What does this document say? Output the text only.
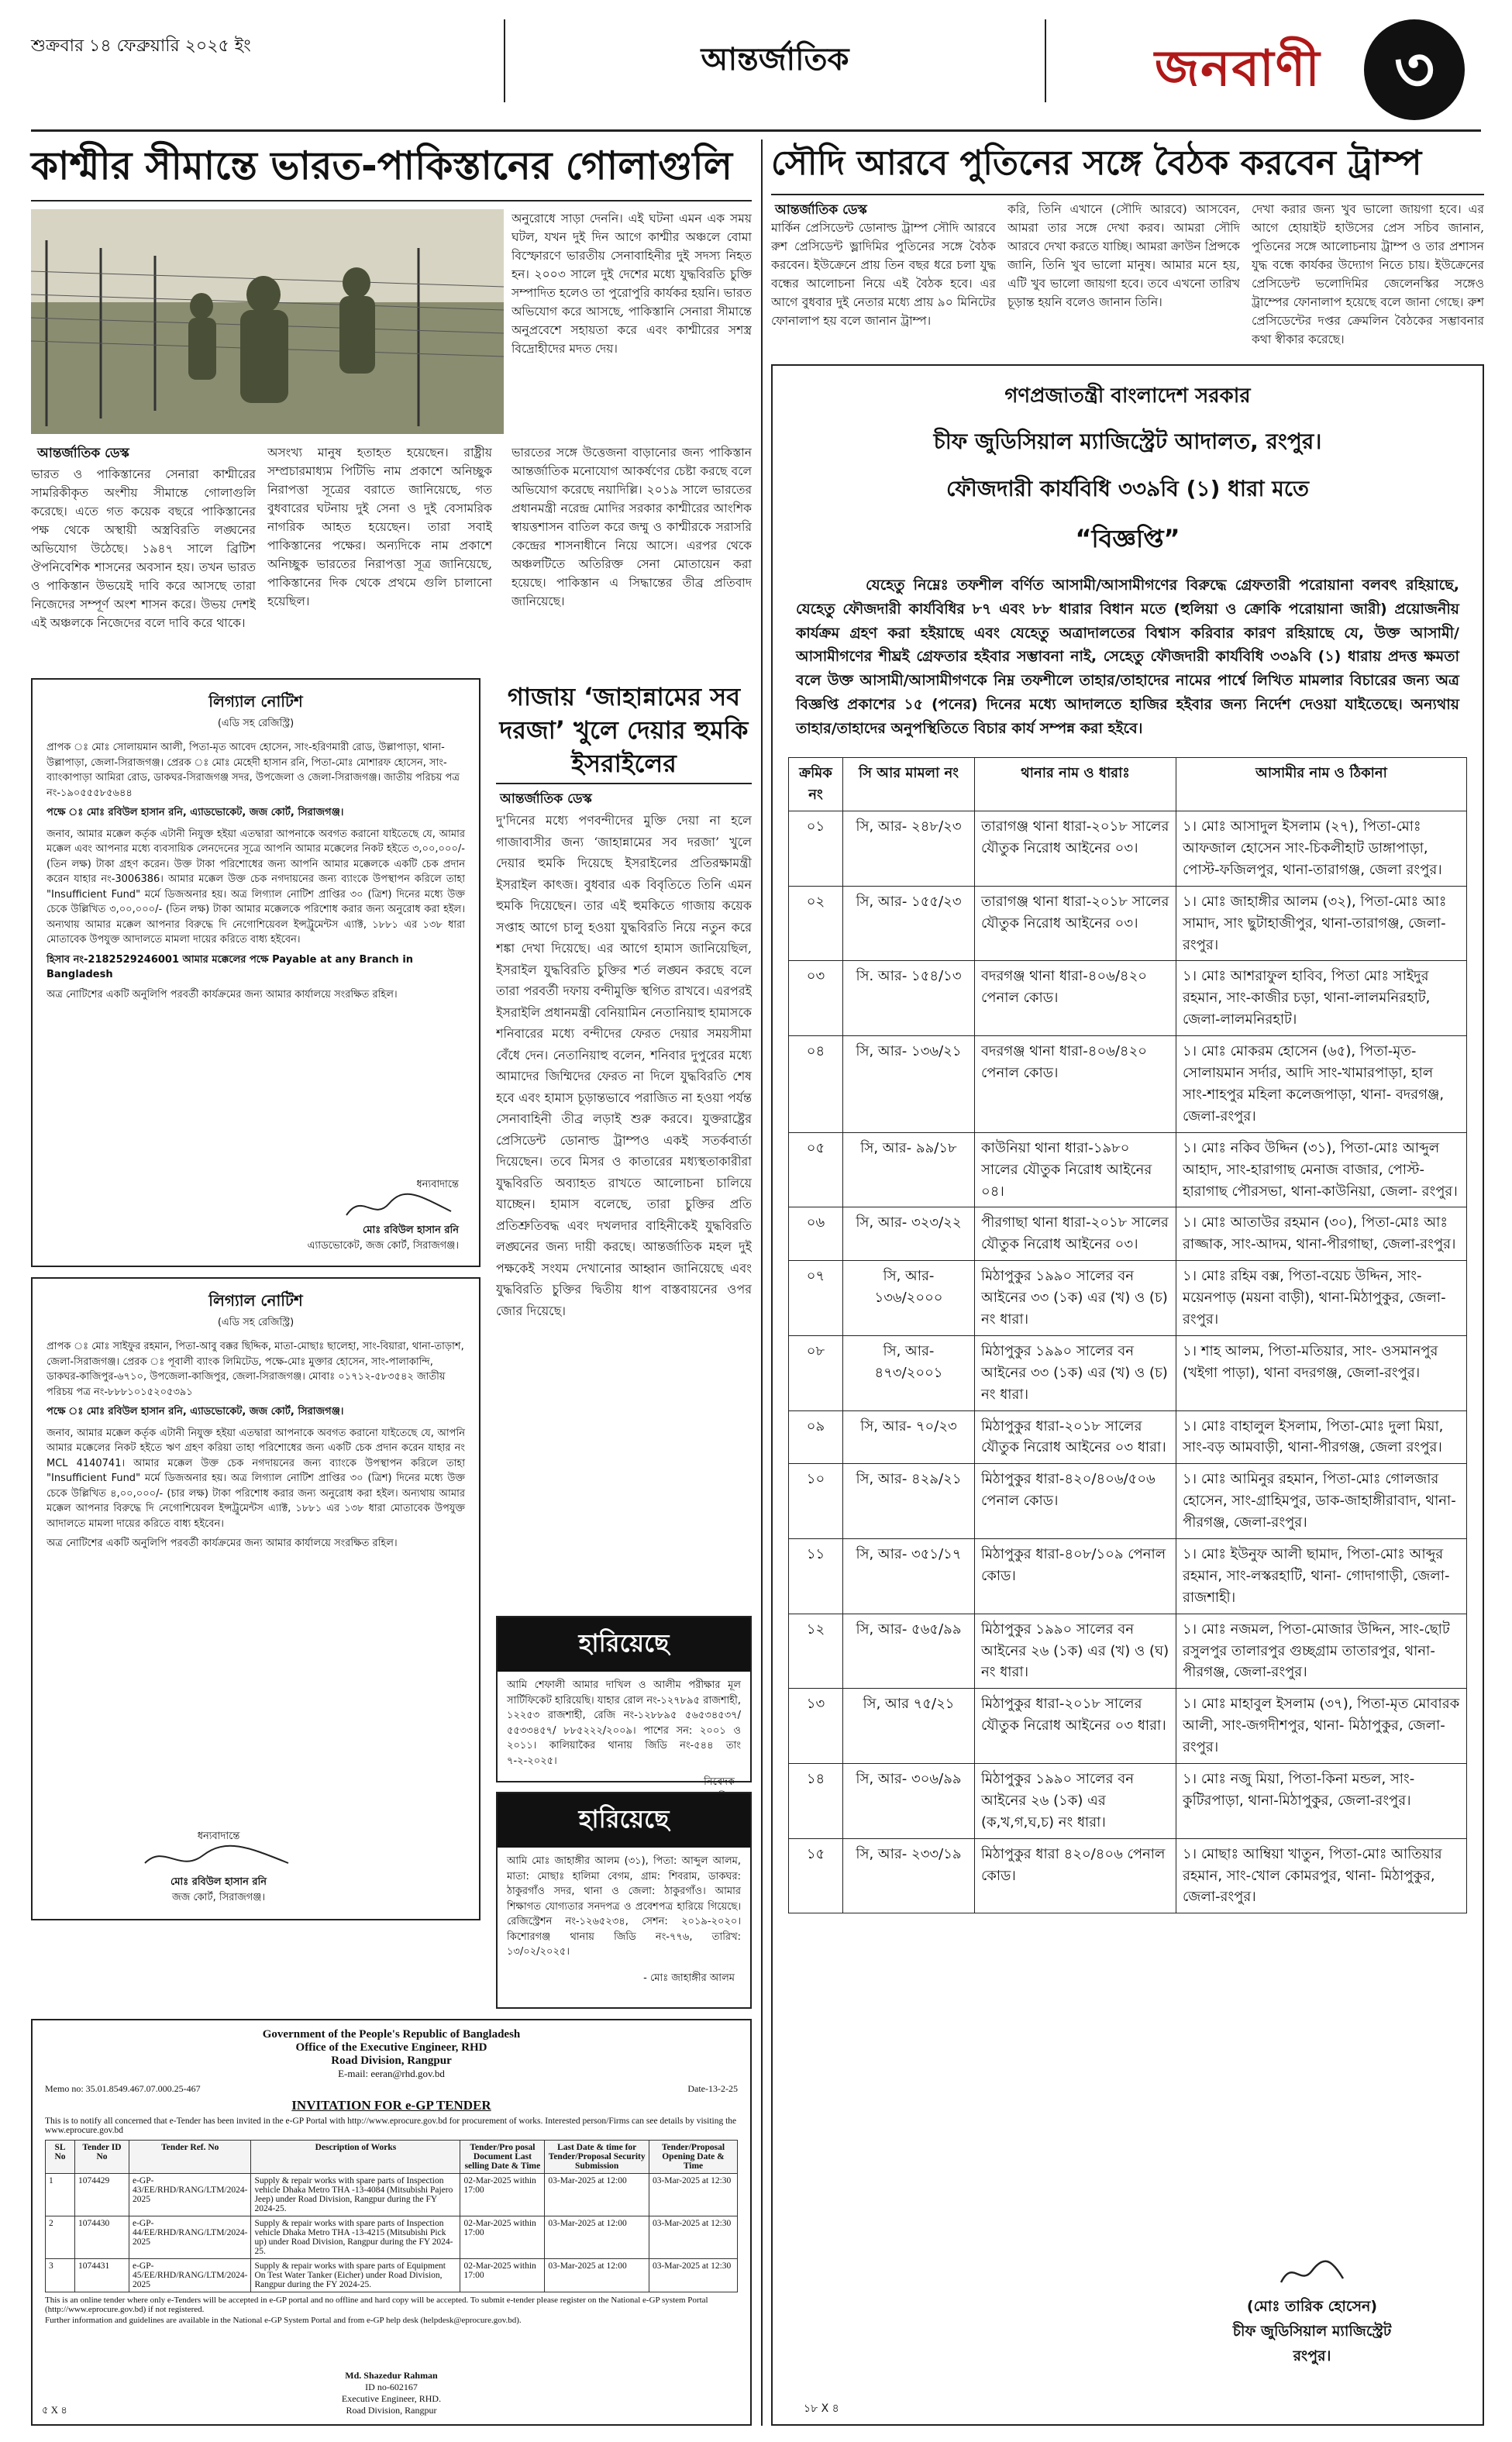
শুক্রবার ১৪ ফেব্রুয়ারি ২০২৫ ইং	আন্তর্জাতিক	জনবাণী	৩
কাশ্মীর সীমান্তে ভারত-পাকিস্তানের গোলাগুলি
আন্তর্জাতিক ডেস্ক
ভারত ও পাকিস্তানের সেনারা কাশ্মীরের সামরিকীকৃত অংশীয় সীমান্তে গোলাগুলি করেছে। এতে গত কয়েক বছরে পাকিস্তানের পক্ষ থেকে অস্থায়ী অস্ত্রবিরতি লঙ্ঘনের অভিযোগ উঠেছে। ১৯৪৭ সালে ব্রিটিশ ঔপনিবেশিক শাসনের অবসান হয়। তখন ভারত ও পাকিস্তান উভয়েই দাবি করে আসছে তারা নিজেদের সম্পূর্ণ অংশ শাসন করে। উভয় দেশই এই অঞ্চলকে নিজেদের বলে দাবি করে থাকে।
অনুরোধে সাড়া দেননি। এই ঘটনা এমন এক সময় ঘটল, যখন দুই দিন আগে কাশ্মীর অঞ্চলে বোমা বিস্ফোরণে ভারতীয় সেনাবাহিনীর দুই সদস্য নিহত হন। ২০০৩ সালে দুই দেশের মধ্যে যুদ্ধবিরতি চুক্তি সম্পাদিত হলেও তা পুরোপুরি কার্যকর হয়নি। ভারত অভিযোগ করে আসছে, পাকিস্তানি সেনারা সীমান্তে অনুপ্রবেশে সহায়তা করে এবং কাশ্মীরের সশস্ত্র বিদ্রোহীদের মদত দেয়।
অসংখ্য মানুষ হতাহত হয়েছেন। রাষ্ট্রীয় সম্প্রচারমাধ্যম পিটিভি নাম প্রকাশে অনিচ্ছুক নিরাপত্তা সূত্রের বরাতে জানিয়েছে, গত বুধবারের ঘটনায় দুই সেনা ও দুই বেসামরিক নাগরিক আহত হয়েছেন। তারা সবাই পাকিস্তানের পক্ষের। অন্যদিকে নাম প্রকাশে অনিচ্ছুক ভারতের নিরাপত্তা সূত্র জানিয়েছে, পাকিস্তানের দিক থেকে প্রথমে গুলি চালানো হয়েছিল।
ভারতের সঙ্গে উত্তেজনা বাড়ানোর জন্য পাকিস্তান আন্তর্জাতিক মনোযোগ আকর্ষণের চেষ্টা করছে বলে অভিযোগ করেছে নয়াদিল্লি। ২০১৯ সালে ভারতের প্রধানমন্ত্রী নরেন্দ্র মোদির সরকার কাশ্মীরের আংশিক স্বায়ত্তশাসন বাতিল করে জম্মু ও কাশ্মীরকে সরাসরি কেন্দ্রের শাসনাধীনে নিয়ে আসে। এরপর থেকে অঞ্চলটিতে অতিরিক্ত সেনা মোতায়েন করা হয়েছে। পাকিস্তান এ সিদ্ধান্তের তীব্র প্রতিবাদ জানিয়েছে।
সৌদি আরবে পুতিনের সঙ্গে বৈঠক করবেন ট্রাম্প
আন্তর্জাতিক ডেস্ক
মার্কিন প্রেসিডেন্ট ডোনাল্ড ট্রাম্প সৌদি আরবে রুশ প্রেসিডেন্ট ভ্লাদিমির পুতিনের সঙ্গে বৈঠক করবেন। ইউক্রেনে প্রায় তিন বছর ধরে চলা যুদ্ধ বন্ধের আলোচনা নিয়ে এই বৈঠক হবে। এর আগে বুধবার দুই নেতার মধ্যে প্রায় ৯০ মিনিটের ফোনালাপ হয় বলে জানান ট্রাম্প।
করি, তিনি এখানে (সৌদি আরবে) আসবেন, আমরা তার সঙ্গে দেখা করব। আমরা সৌদি আরবে দেখা করতে যাচ্ছি। আমরা ক্রাউন প্রিন্সকে জানি, তিনি খুব ভালো মানুষ। আমার মনে হয়, এটি খুব ভালো জায়গা হবে। তবে এখনো তারিখ চূড়ান্ত হয়নি বলেও জানান তিনি।
দেখা করার জন্য খুব ভালো জায়গা হবে। এর আগে হোয়াইট হাউসের প্রেস সচিব জানান, পুতিনের সঙ্গে আলোচনায় ট্রাম্প ও তার প্রশাসন যুদ্ধ বন্ধে কার্যকর উদ্যোগ নিতে চায়। ইউক্রেনের প্রেসিডেন্ট ভলোদিমির জেলেনস্কির সঙ্গেও ট্রাম্পের ফোনালাপ হয়েছে বলে জানা গেছে। রুশ প্রেসিডেন্টের দপ্তর ক্রেমলিন বৈঠকের সম্ভাবনার কথা স্বীকার করেছে।
গণপ্রজাতন্ত্রী বাংলাদেশ সরকার
চীফ জুডিসিয়াল ম্যাজিস্ট্রেট আদালত, রংপুর।
ফৌজদারী কার্যবিধি ৩৩৯বি (১) ধারা মতে
“বিজ্ঞপ্তি”
যেহেতু নিম্নেঃ তফশীল বর্ণিত আসামী/আসামীগণের বিরুদ্ধে গ্রেফতারী পরোয়ানা বলবৎ রহিয়াছে, যেহেতু ফৌজদারী কার্যবিধির ৮৭ এবং ৮৮ ধারার বিধান মতে (হুলিয়া ও ক্রোকি পরোয়ানা জারী) প্রয়োজনীয় কার্যক্রম গ্রহণ করা হইয়াছে এবং যেহেতু অত্রাদালতের বিশ্বাস করিবার কারণ রহিয়াছে যে, উক্ত আসামী/আসামীগণের শীঘ্রই গ্রেফতার হইবার সম্ভাবনা নাই, সেহেতু ফৌজদারী কার্যবিধি ৩৩৯বি (১) ধারায় প্রদত্ত ক্ষমতা বলে উক্ত আসামী/আসামীগণকে নিম্ন তফশীলে তাহার/তাহাদের নামের পার্শ্বে লিখিত মামলার বিচারের জন্য অত্র বিজ্ঞপ্তি প্রকাশের ১৫ (পনের) দিনের মধ্যে আদালতে হাজির হইবার জন্য নির্দেশ দেওয়া যাইতেছে। অন্যথায় তাহার/তাহাদের অনুপস্থিতিতে বিচার কার্য সম্পন্ন করা হইবে।
ক্রমিক নং	সি আর মামলা নং	থানার নাম ও ধারাঃ	আসামীর নাম ও ঠিকানা
০১	সি, আর- ২৪৮/২৩	তারাগঞ্জ থানা ধারা-২০১৮ সালের যৌতুক নিরোধ আইনের ০৩।	১। মোঃ আসাদুল ইসলাম (২৭), পিতা-মোঃ আফজাল হোসেন সাং-চিকলীহাট ডাঙ্গাপাড়া, পোস্ট-ফজিলপুর, থানা-তারাগঞ্জ, জেলা রংপুর।
০২	সি, আর- ১৫৫/২৩	তারাগঞ্জ থানা ধারা-২০১৮ সালের যৌতুক নিরোধ আইনের ০৩।	১। মোঃ জাহাঙ্গীর আলম (৩২), পিতা-মোঃ আঃ সামাদ, সাং ছুটাহাজীপুর, থানা-তারাগঞ্জ, জেলা-রংপুর।
০৩	সি. আর- ১৫৪/১৩	বদরগঞ্জ থানা ধারা-৪০৬/৪২০ পেনাল কোড।	১। মোঃ আশরাফুল হাবিব, পিতা মোঃ সাইদুর রহমান, সাং-কাজীর চড়া, থানা-লালমনিরহাট, জেলা-লালমনিরহাট।
০৪	সি, আর- ১৩৬/২১	বদরগঞ্জ থানা ধারা-৪০৬/৪২০ পেনাল কোড।	১। মোঃ মোকরম হোসেন (৬৫), পিতা-মৃত- সোলায়মান সর্দার, আদি সাং-খামারপাড়া, হাল সাং-শাহপুর মহিলা কলেজপাড়া, থানা- বদরগঞ্জ, জেলা-রংপুর।
০৫	সি, আর- ৯৯/১৮	কাউনিয়া থানা ধারা-১৯৮০ সালের যৌতুক নিরোধ আইনের ০৪।	১। মোঃ নকিব উদ্দিন (৩১), পিতা-মোঃ আব্দুল আহাদ, সাং-হারাগাছ মেনাজ বাজার, পোস্ট- হারাগাছ পৌরসভা, থানা-কাউনিয়া, জেলা- রংপুর।
০৬	সি, আর- ৩২৩/২২	পীরগাছা থানা ধারা-২০১৮ সালের যৌতুক নিরোধ আইনের ০৩।	১। মোঃ আতাউর রহমান (৩০), পিতা-মোঃ আঃ রাজ্জাক, সাং-আদম, থানা-পীরগাছা, জেলা-রংপুর।
০৭	সি, আর- ১৩৬/২০০০	মিঠাপুকুর ১৯৯০ সালের বন আইনের ৩৩ (১ক) এর (খ) ও (চ) নং ধারা।	১। মোঃ রহিম বক্স, পিতা-বয়েচ উদ্দিন, সাং- ময়েনপাড় (ময়না বাড়ী), থানা-মিঠাপুকুর, জেলা-রংপুর।
০৮	সি, আর- ৪৭৩/২০০১	মিঠাপুকুর ১৯৯০ সালের বন আইনের ৩৩ (১ক) এর (খ) ও (চ) নং ধারা।	১। শাহ আলম, পিতা-মতিয়ার, সাং- ওসমানপুর (খইগা পাড়া), থানা বদরগঞ্জ, জেলা-রংপুর।
০৯	সি, আর- ৭০/২৩	মিঠাপুকুর ধারা-২০১৮ সালের যৌতুক নিরোধ আইনের ০৩ ধারা।	১। মোঃ বাহালুল ইসলাম, পিতা-মোঃ দুলা মিয়া, সাং-বড় আমবাড়ী, থানা-পীরগঞ্জ, জেলা রংপুর।
১০	সি, আর- ৪২৯/২১	মিঠাপুকুর ধারা-৪২০/৪০৬/৫০৬ পেনাল কোড।	১। মোঃ আমিনুর রহমান, পিতা-মোঃ গোলজার হোসেন, সাং-গ্রাহিমপুর, ডাক-জাহাঙ্গীরাবাদ, থানা-পীরগঞ্জ, জেলা-রংপুর।
১১	সি, আর- ৩৫১/১৭	মিঠাপুকুর ধারা-৪০৮/১০৯ পেনাল কোড।	১। মোঃ ইউনুফ আলী ছামাদ, পিতা-মোঃ আব্দুর রহমান, সাং-লস্করহাটি, থানা- গোদাগাড়ী, জেলা-রাজশাহী।
১২	সি, আর- ৫৬৫/৯৯	মিঠাপুকুর ১৯৯০ সালের বন আইনের ২৬ (১ক) এর (খ) ও (ঘ) নং ধারা।	১। মোঃ নজমল, পিতা-মোজার উদ্দিন, সাং-ছোট রসুলপুর তালারপুর গুচ্ছগ্রাম তাতারপুর, থানা-পীরগঞ্জ, জেলা-রংপুর।
১৩	সি, আর ৭৫/২১	মিঠাপুকুর ধারা-২০১৮ সালের যৌতুক নিরোধ আইনের ০৩ ধারা।	১। মোঃ মাহাবুল ইসলাম (৩৭), পিতা-মৃত মোবারক আলী, সাং-জগদীশপুর, থানা- মিঠাপুকুর, জেলা-রংপুর।
১৪	সি, আর- ৩০৬/৯৯	মিঠাপুকুর ১৯৯০ সালের বন আইনের ২৬ (১ক) এর (ক,খ,গ,ঘ,চ) নং ধারা।	১। মোঃ নজু মিয়া, পিতা-কিনা মন্ডল, সাং- কুটিরপাড়া, থানা-মিঠাপুকুর, জেলা-রংপুর।
১৫	সি, আর- ২৩৩/১৯	মিঠাপুকুর ধারা ৪২০/৪০৬ পেনাল কোড।	১। মোছাঃ আম্বিয়া খাতুন, পিতা-মোঃ আতিয়ার রহমান, সাং-খোল কোমরপুর, থানা- মিঠাপুকুর, জেলা-রংপুর।
(মোঃ তারিক হোসেন)
চীফ জুডিসিয়াল ম্যাজিস্ট্রেট
রংপুর।
১৮ X ৪
লিগ্যাল নোটিশ
(এডি সহ রেজিস্ট্রি)
প্রাপক ঃ মোঃ সোলায়মান আলী, পিতা-মৃত আবেদ হোসেন, সাং-হরিণমারী রোড, উল্লাপাড়া, থানা-উল্লাপাড়া, জেলা-সিরাজগঞ্জ। প্রেরক ঃ মোঃ মেহেদী হাসান রনি, পিতা-মোঃ মোশারফ হোসেন, সাং-ব্যাংকাপাড়া আমিরা রোড, ডাকঘর-সিরাজগঞ্জ সদর, উপজেলা ও জেলা-সিরাজগঞ্জ। জাতীয় পরিচয় পত্র নং-১৯০৫৫৫৮৫৬৪৪
পক্ষে ঃ মোঃ রবিউল হাসান রনি, এ্যাডভোকেট, জজ কোর্ট, সিরাজগঞ্জ।
জনাব, আমার মক্কেল কর্তৃক এটানী নিযুক্ত হইয়া এতদ্বারা আপনাকে অবগত করানো যাইতেছে যে, আমার মক্কেল এবং আপনার মধ্যে ব্যবসায়িক লেনদেনের সূত্রে আপনি আমার মক্কেলের নিকট হইতে ৩,০০,০০০/- (তিন লক্ষ) টাকা গ্রহণ করেন। উক্ত টাকা পরিশোধের জন্য আপনি আমার মক্কেলকে একটি চেক প্রদান করেন যাহার নং-3006386। আমার মক্কেল উক্ত চেক নগদায়নের জন্য ব্যাংকে উপস্থাপন করিলে তাহা "Insufficient Fund" মর্মে ডিজঅনার হয়। অত্র লিগ্যাল নোটিশ প্রাপ্তির ৩০ (ত্রিশ) দিনের মধ্যে উক্ত চেকে উল্লিখিত ৩,০০,০০০/- (তিন লক্ষ) টাকা আমার মক্কেলকে পরিশোধ করার জন্য অনুরোধ করা হইল। অন্যথায় আমার মক্কেল আপনার বিরুদ্ধে দি নেগোশিয়েবল ইন্সট্রুমেন্টস এ্যাক্ট, ১৮৮১ এর ১৩৮ ধারা মোতাবেক উপযুক্ত আদালতে মামলা দায়ের করিতে বাধ্য হইবেন।
হিসাব নং-2182529246001 আমার মক্কেলের পক্ষে Payable at any Branch in Bangladesh
অত্র নোটিশের একটি অনুলিপি পরবর্তী কার্যক্রমের জন্য আমার কার্যালয়ে সংরক্ষিত রহিল।
ধন্যবাদান্তে
মোঃ রবিউল হাসান রনি
এ্যাডভোকেট, জজ কোর্ট, সিরাজগঞ্জ।
লিগ্যাল নোটিশ
(এডি সহ রেজিস্ট্রি)
প্রাপক ঃ মোঃ সাইফুর রহমান, পিতা-আবু বক্কর ছিদ্দিক, মাতা-মোছাঃ ছালেহা, সাং-বিয়ারা, থানা-তাড়াশ, জেলা-সিরাজগঞ্জ। প্রেরক ঃ পূবালী ব্যাংক লিমিটেড, পক্ষে-মোঃ মুক্তার হোসেন, সাং-পালাকান্দি, ডাকঘর-কাজিপুর-৬৭১০, উপজেলা-কাজিপুর, জেলা-সিরাজগঞ্জ। মোবাঃ ০১৭১২-৫৮৩৫৪২ জাতীয় পরিচয় পত্র নং-৮৮৮১০১৫২০৫৩৯১
পক্ষে ঃ মোঃ রবিউল হাসান রনি, এ্যাডভোকেট, জজ কোর্ট, সিরাজগঞ্জ।
জনাব, আমার মক্কেল কর্তৃক এটানী নিযুক্ত হইয়া এতদ্বারা আপনাকে অবগত করানো যাইতেছে যে, আপনি আমার মক্কেলের নিকট হইতে ঋণ গ্রহণ করিয়া তাহা পরিশোধের জন্য একটি চেক প্রদান করেন যাহার নং MCL 4140741। আমার মক্কেল উক্ত চেক নগদায়নের জন্য ব্যাংকে উপস্থাপন করিলে তাহা "Insufficient Fund" মর্মে ডিজঅনার হয়। অত্র লিগ্যাল নোটিশ প্রাপ্তির ৩০ (ত্রিশ) দিনের মধ্যে উক্ত চেকে উল্লিখিত ৪,০০,০০০/- (চার লক্ষ) টাকা পরিশোধ করার জন্য অনুরোধ করা হইল। অন্যথায় আমার মক্কেল আপনার বিরুদ্ধে দি নেগোশিয়েবল ইন্সট্রুমেন্টস এ্যাক্ট, ১৮৮১ এর ১৩৮ ধারা মোতাবেক উপযুক্ত আদালতে মামলা দায়ের করিতে বাধ্য হইবেন।
অত্র নোটিশের একটি অনুলিপি পরবর্তী কার্যক্রমের জন্য আমার কার্যালয়ে সংরক্ষিত রহিল।
ধন্যবাদান্তে
মোঃ রবিউল হাসান রনি
জজ কোর্ট, সিরাজগঞ্জ।
গাজায় ‘জাহান্নামের সব দরজা’ খুলে দেয়ার হুমকি ইসরাইলের
আন্তর্জাতিক ডেস্ক
দু'দিনের মধ্যে পণবন্দীদের মুক্তি দেয়া না হলে গাজাবাসীর জন্য ‘জাহান্নামের সব দরজা’ খুলে দেয়ার হুমকি দিয়েছে ইসরাইলের প্রতিরক্ষামন্ত্রী ইসরাইল কাৎজ। বুধবার এক বিবৃতিতে তিনি এমন হুমকি দিয়েছেন। তার এই হুমকিতে গাজায় কয়েক সপ্তাহ আগে চালু হওয়া যুদ্ধবিরতি নিয়ে নতুন করে শঙ্কা দেখা দিয়েছে। এর আগে হামাস জানিয়েছিল, ইসরাইল যুদ্ধবিরতি চুক্তির শর্ত লঙ্ঘন করছে বলে তারা পরবর্তী দফায় বন্দীমুক্তি স্থগিত রাখবে। এরপরই ইসরাইলি প্রধানমন্ত্রী বেনিয়ামিন নেতানিয়াহু হামাসকে শনিবারের মধ্যে বন্দীদের ফেরত দেয়ার সময়সীমা বেঁধে দেন। নেতানিয়াহু বলেন, শনিবার দুপুরের মধ্যে আমাদের জিম্মিদের ফেরত না দিলে যুদ্ধবিরতি শেষ হবে এবং হামাস চূড়ান্তভাবে পরাজিত না হওয়া পর্যন্ত সেনাবাহিনী তীব্র লড়াই শুরু করবে। যুক্তরাষ্ট্রের প্রেসিডেন্ট ডোনাল্ড ট্রাম্পও একই সতর্কবার্তা দিয়েছেন। তবে মিসর ও কাতারের মধ্যস্থতাকারীরা যুদ্ধবিরতি অব্যাহত রাখতে আলোচনা চালিয়ে যাচ্ছেন। হামাস বলেছে, তারা চুক্তির প্রতি প্রতিশ্রুতিবদ্ধ এবং দখলদার বাহিনীকেই যুদ্ধবিরতি লঙ্ঘনের জন্য দায়ী করছে। আন্তর্জাতিক মহল দুই পক্ষকেই সংযম দেখানোর আহ্বান জানিয়েছে এবং যুদ্ধবিরতি চুক্তির দ্বিতীয় ধাপ বাস্তবায়নের ওপর জোর দিয়েছে।
হারিয়েছে
আমি শেফালী আমার দাখিল ও আলীম পরীক্ষার মূল সার্টিফিকেট হারিয়েছি। যাহার রোল নং-১২৭৮৯৫ রাজশাহী, ১২২৫৩ রাজশাহী, রেজি নং-১২৮৮৯৫ ৫৬৫৩৪৫৩৭/ ৫৫৩৩৪৫৭/ ৮৮৫২২২/২০০৯। পাশের সন: ২০০১ ও ২০১১। কালিয়াকৈর থানায় জিডি নং-৫৪৪ তাং ৭-২-২০২৫।
নিবেদক
হারিয়েছে
আমি মোঃ জাহাঙ্গীর আলম (৩১), পিতা: আব্দুল আলম, মাতা: মোছাঃ হালিমা বেগম, গ্রাম: শিবরাম, ডাকঘর: ঠাকুরগাঁও সদর, থানা ও জেলা: ঠাকুরগাঁও। আমার শিক্ষাগত যোগ্যতার সনদপত্র ও প্রবেশপত্র হারিয়ে গিয়েছে। রেজিস্ট্রেশন নং-১২৬৫২৩৪, সেশন: ২০১৯-২০২০। কিশোরগঞ্জ থানায় জিডি নং-৭৭৬, তারিখ: ১৩/০২/২০২৫।
- মোঃ জাহাঙ্গীর আলম
Government of the People's Republic of Bangladesh
Office of the Executive Engineer, RHD
Road Division, Rangpur
E-mail: eeran@rhd.gov.bd
Memo no: 35.01.8549.467.07.000.25-467	Date-13-2-25
INVITATION FOR e-GP TENDER
This is to notify all concerned that e-Tender has been invited in the e-GP Portal with http://www.eprocure.gov.bd for procurement of works. Interested person/Firms can see details by visiting the www.eprocure.gov.bd
SL No	Tender ID No	Tender Ref. No	Description of Works	Tender/Pro posal Document Last selling Date & Time	Last Date & time for Tender/Proposal Security Submission	Tender/Proposal Opening Date & Time
1	1074429	e-GP-43/EE/RHD/RANG/LTM/2024-2025	Supply & repair works with spare parts of Inspection vehicle Dhaka Metro THA -13-4084 (Mitsubishi Pajero Jeep) under Road Division, Rangpur during the FY 2024-25.	02-Mar-2025 within 17:00	03-Mar-2025 at 12:00	03-Mar-2025 at 12:30
2	1074430	e-GP-44/EE/RHD/RANG/LTM/2024-2025	Supply & repair works with spare parts of Inspection vehicle Dhaka Metro THA -13-4215 (Mitsubishi Pick up) under Road Division, Rangpur during the FY 2024-25.	02-Mar-2025 within 17:00	03-Mar-2025 at 12:00	03-Mar-2025 at 12:30
3	1074431	e-GP-45/EE/RHD/RANG/LTM/2024-2025	Supply & repair works with spare parts of Equipment On Test Water Tanker (Eicher) under Road Division, Rangpur during the FY 2024-25.	02-Mar-2025 within 17:00	03-Mar-2025 at 12:00	03-Mar-2025 at 12:30
This is an online tender where only e-Tenders will be accepted in e-GP portal and no offline and hard copy will be accepted. To submit e-tender please register on the National e-GP system Portal (http://www.eprocure.gov.bd) if not registered.
Further information and guidelines are available in the National e-GP System Portal and from e-GP help desk (helpdesk@eprocure.gov.bd).
Md. Shazedur Rahman
ID no-602167
Executive Engineer, RHD.
Road Division, Rangpur
৫ X ৪
